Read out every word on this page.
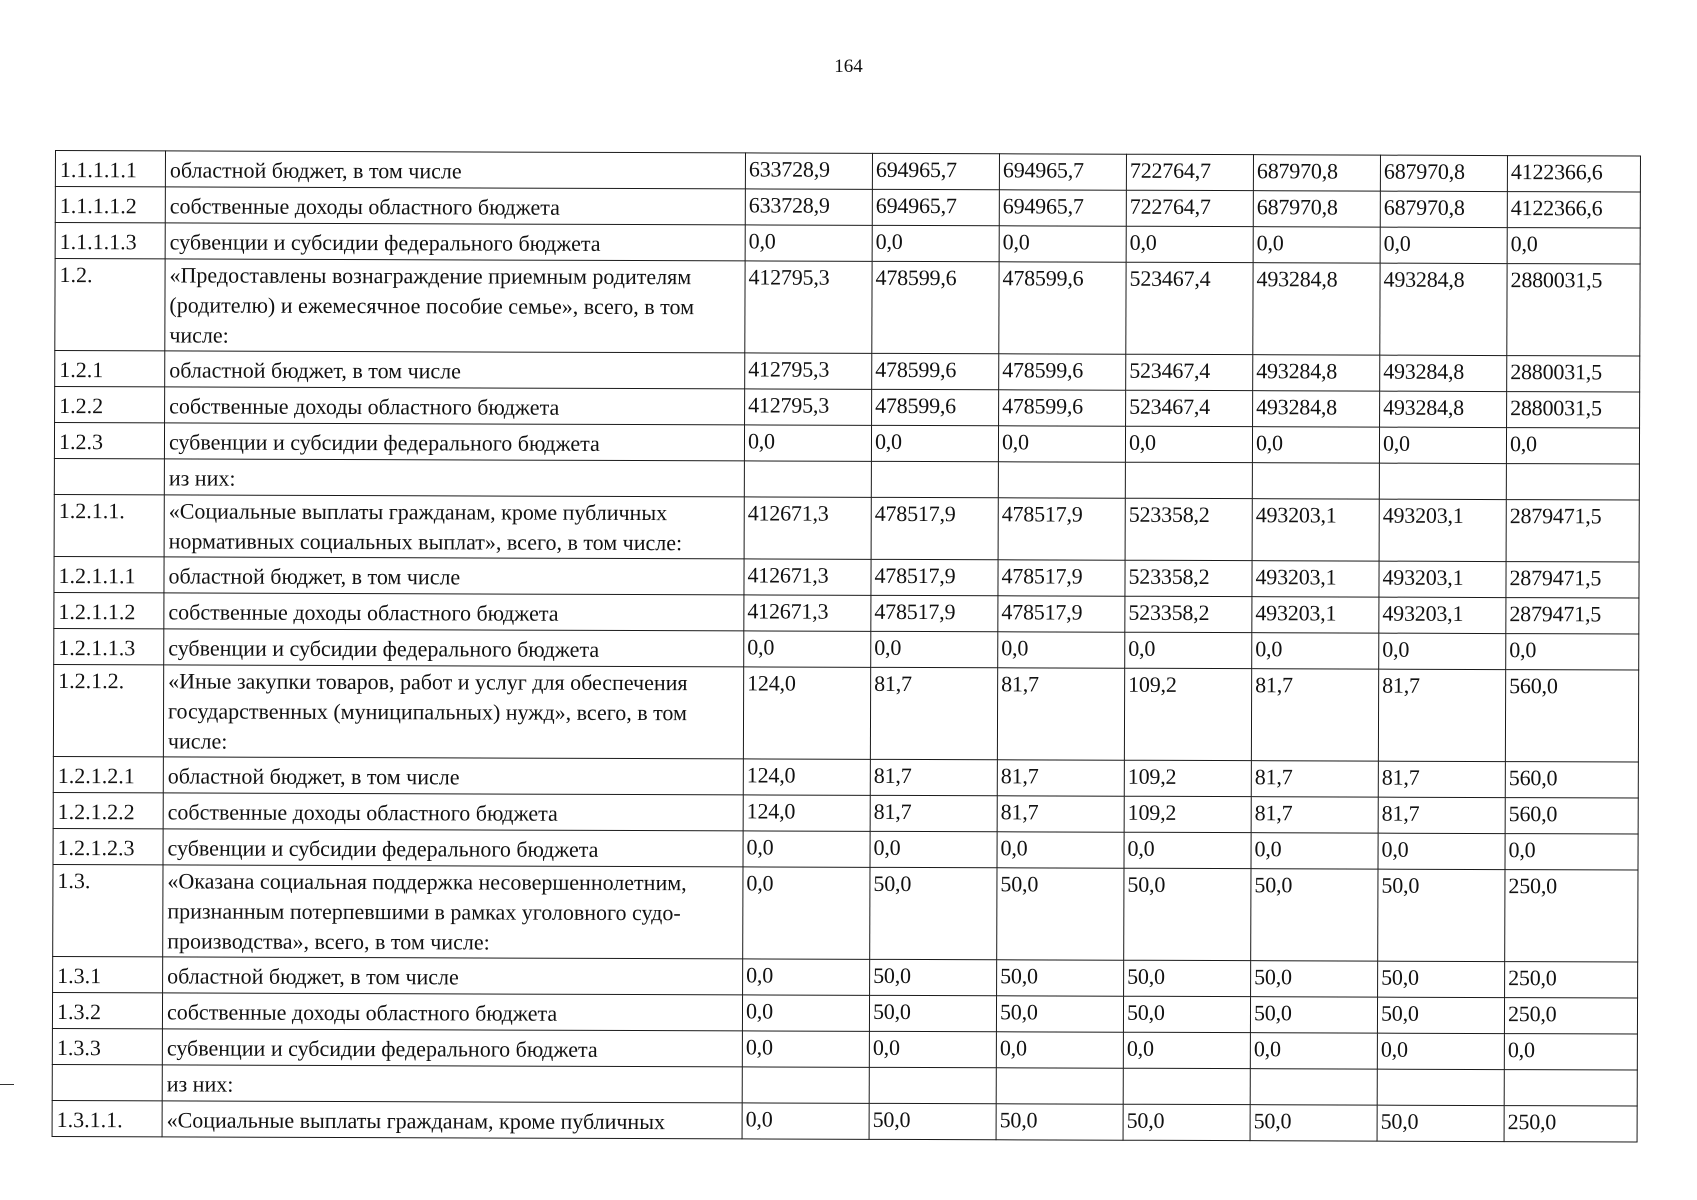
164
1.1.1.1.1	областной бюджет, в том числе	633728,9	694965,7	694965,7	722764,7	687970,8	687970,8	4122366,6
1.1.1.1.2	собственные доходы областного бюджета	633728,9	694965,7	694965,7	722764,7	687970,8	687970,8	4122366,6
1.1.1.1.3	субвенции и субсидии федерального бюджета	0,0	0,0	0,0	0,0	0,0	0,0	0,0
1.2.	«Предоставлены вознаграждение приемным родителям (родителю) и ежемесячное пособие семье», всего, в том числе:	412795,3	478599,6	478599,6	523467,4	493284,8	493284,8	2880031,5
1.2.1	областной бюджет, в том числе	412795,3	478599,6	478599,6	523467,4	493284,8	493284,8	2880031,5
1.2.2	собственные доходы областного бюджета	412795,3	478599,6	478599,6	523467,4	493284,8	493284,8	2880031,5
1.2.3	субвенции и субсидии федерального бюджета	0,0	0,0	0,0	0,0	0,0	0,0	0,0
	из них:							
1.2.1.1.	«Социальные выплаты гражданам, кроме публичных нормативных социальных выплат», всего, в том числе:	412671,3	478517,9	478517,9	523358,2	493203,1	493203,1	2879471,5
1.2.1.1.1	областной бюджет, в том числе	412671,3	478517,9	478517,9	523358,2	493203,1	493203,1	2879471,5
1.2.1.1.2	собственные доходы областного бюджета	412671,3	478517,9	478517,9	523358,2	493203,1	493203,1	2879471,5
1.2.1.1.3	субвенции и субсидии федерального бюджета	0,0	0,0	0,0	0,0	0,0	0,0	0,0
1.2.1.2.	«Иные закупки товаров, работ и услуг для обеспечения государственных (муниципальных) нужд», всего, в том числе:	124,0	81,7	81,7	109,2	81,7	81,7	560,0
1.2.1.2.1	областной бюджет, в том числе	124,0	81,7	81,7	109,2	81,7	81,7	560,0
1.2.1.2.2	собственные доходы областного бюджета	124,0	81,7	81,7	109,2	81,7	81,7	560,0
1.2.1.2.3	субвенции и субсидии федерального бюджета	0,0	0,0	0,0	0,0	0,0	0,0	0,0
1.3.	«Оказана социальная поддержка несовершеннолетним, признанным потерпевшими в рамках уголовного судо-производства», всего, в том числе:	0,0	50,0	50,0	50,0	50,0	50,0	250,0
1.3.1	областной бюджет, в том числе	0,0	50,0	50,0	50,0	50,0	50,0	250,0
1.3.2	собственные доходы областного бюджета	0,0	50,0	50,0	50,0	50,0	50,0	250,0
1.3.3	субвенции и субсидии федерального бюджета	0,0	0,0	0,0	0,0	0,0	0,0	0,0
	из них:							
1.3.1.1.	«Социальные выплаты гражданам, кроме публичных	0,0	50,0	50,0	50,0	50,0	50,0	250,0
